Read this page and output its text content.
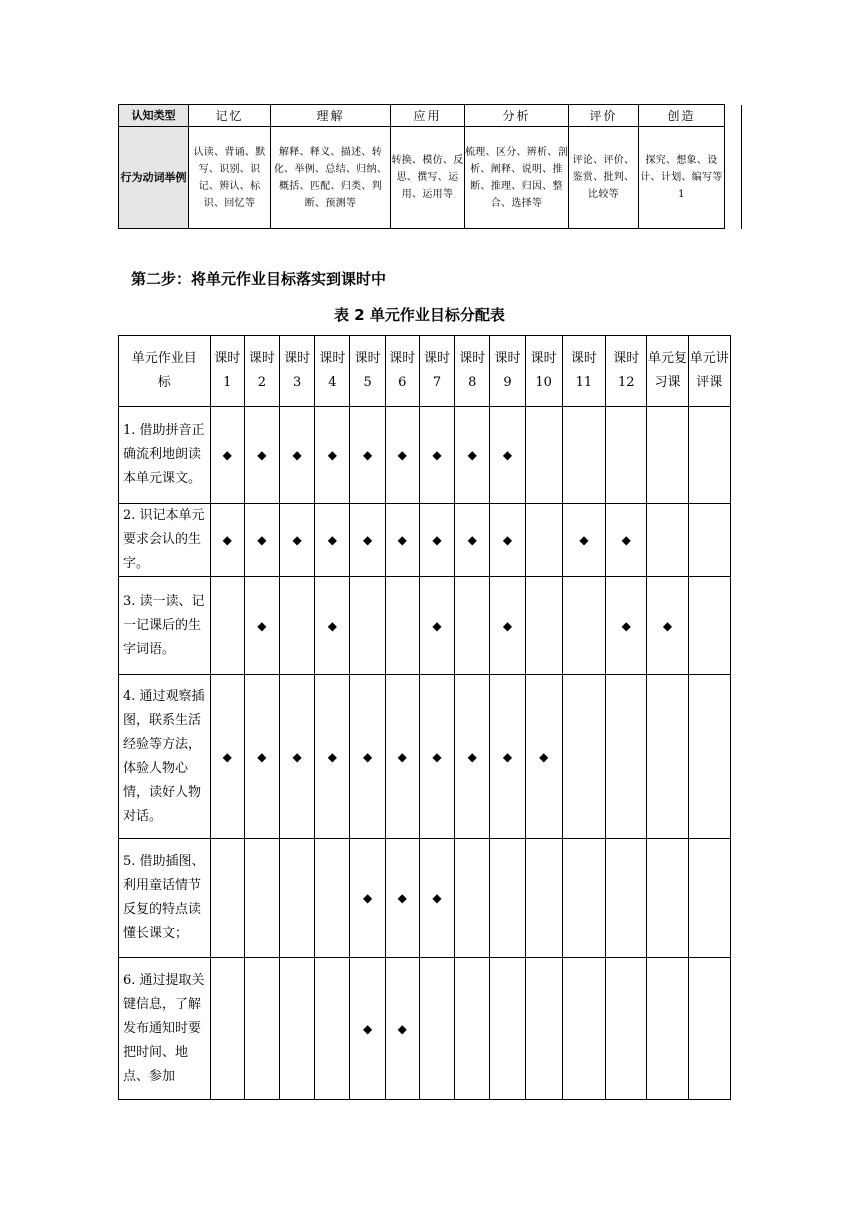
认知类型	记忆	理解	应用	分析	评价	创造	
行为动词举例	认读、背诵、默写、识别、识记、辨认、标识、回忆等	解释、释义、描述、转化、举例、总结、归纳、概括、匹配、归类、判断、预测等	转换、模仿、反思、撰写、运用、运用等	梳理、区分、辨析、剖析、阐释、说明、推断、推理、归因、整合、选择等	评论、评价、鉴赏、批判、比较等	探究、想象、设计、计划、编写等 1	
第二步：将单元作业目标落实到课时中
表 2 单元作业目标分配表
单元作业目标	课时 1	课时 2	课时 3	课时 4	课时 5	课时 6	课时 7	课时 8	课时 9	课时 10	课时 11	课时 12	单元复习课	单元讲评课
1. 借助拼音正确流利地朗读本单元课文。	◆	◆	◆	◆	◆	◆	◆	◆	◆					
2. 识记本单元要求会认的生字。	◆	◆	◆	◆	◆	◆	◆	◆	◆		◆	◆		
3. 读一读、记一记课后的生字词语。		◆		◆			◆		◆			◆	◆	
4. 通过观察插图，联系生活经验等方法，体验人物心情，读好人物对话。	◆	◆	◆	◆	◆	◆	◆	◆	◆	◆				
5. 借助插图、利用童话情节反复的特点读懂长课文；					◆	◆	◆							
6. 通过提取关键信息，了解发布通知时要把时间、地点、参加					◆	◆								
